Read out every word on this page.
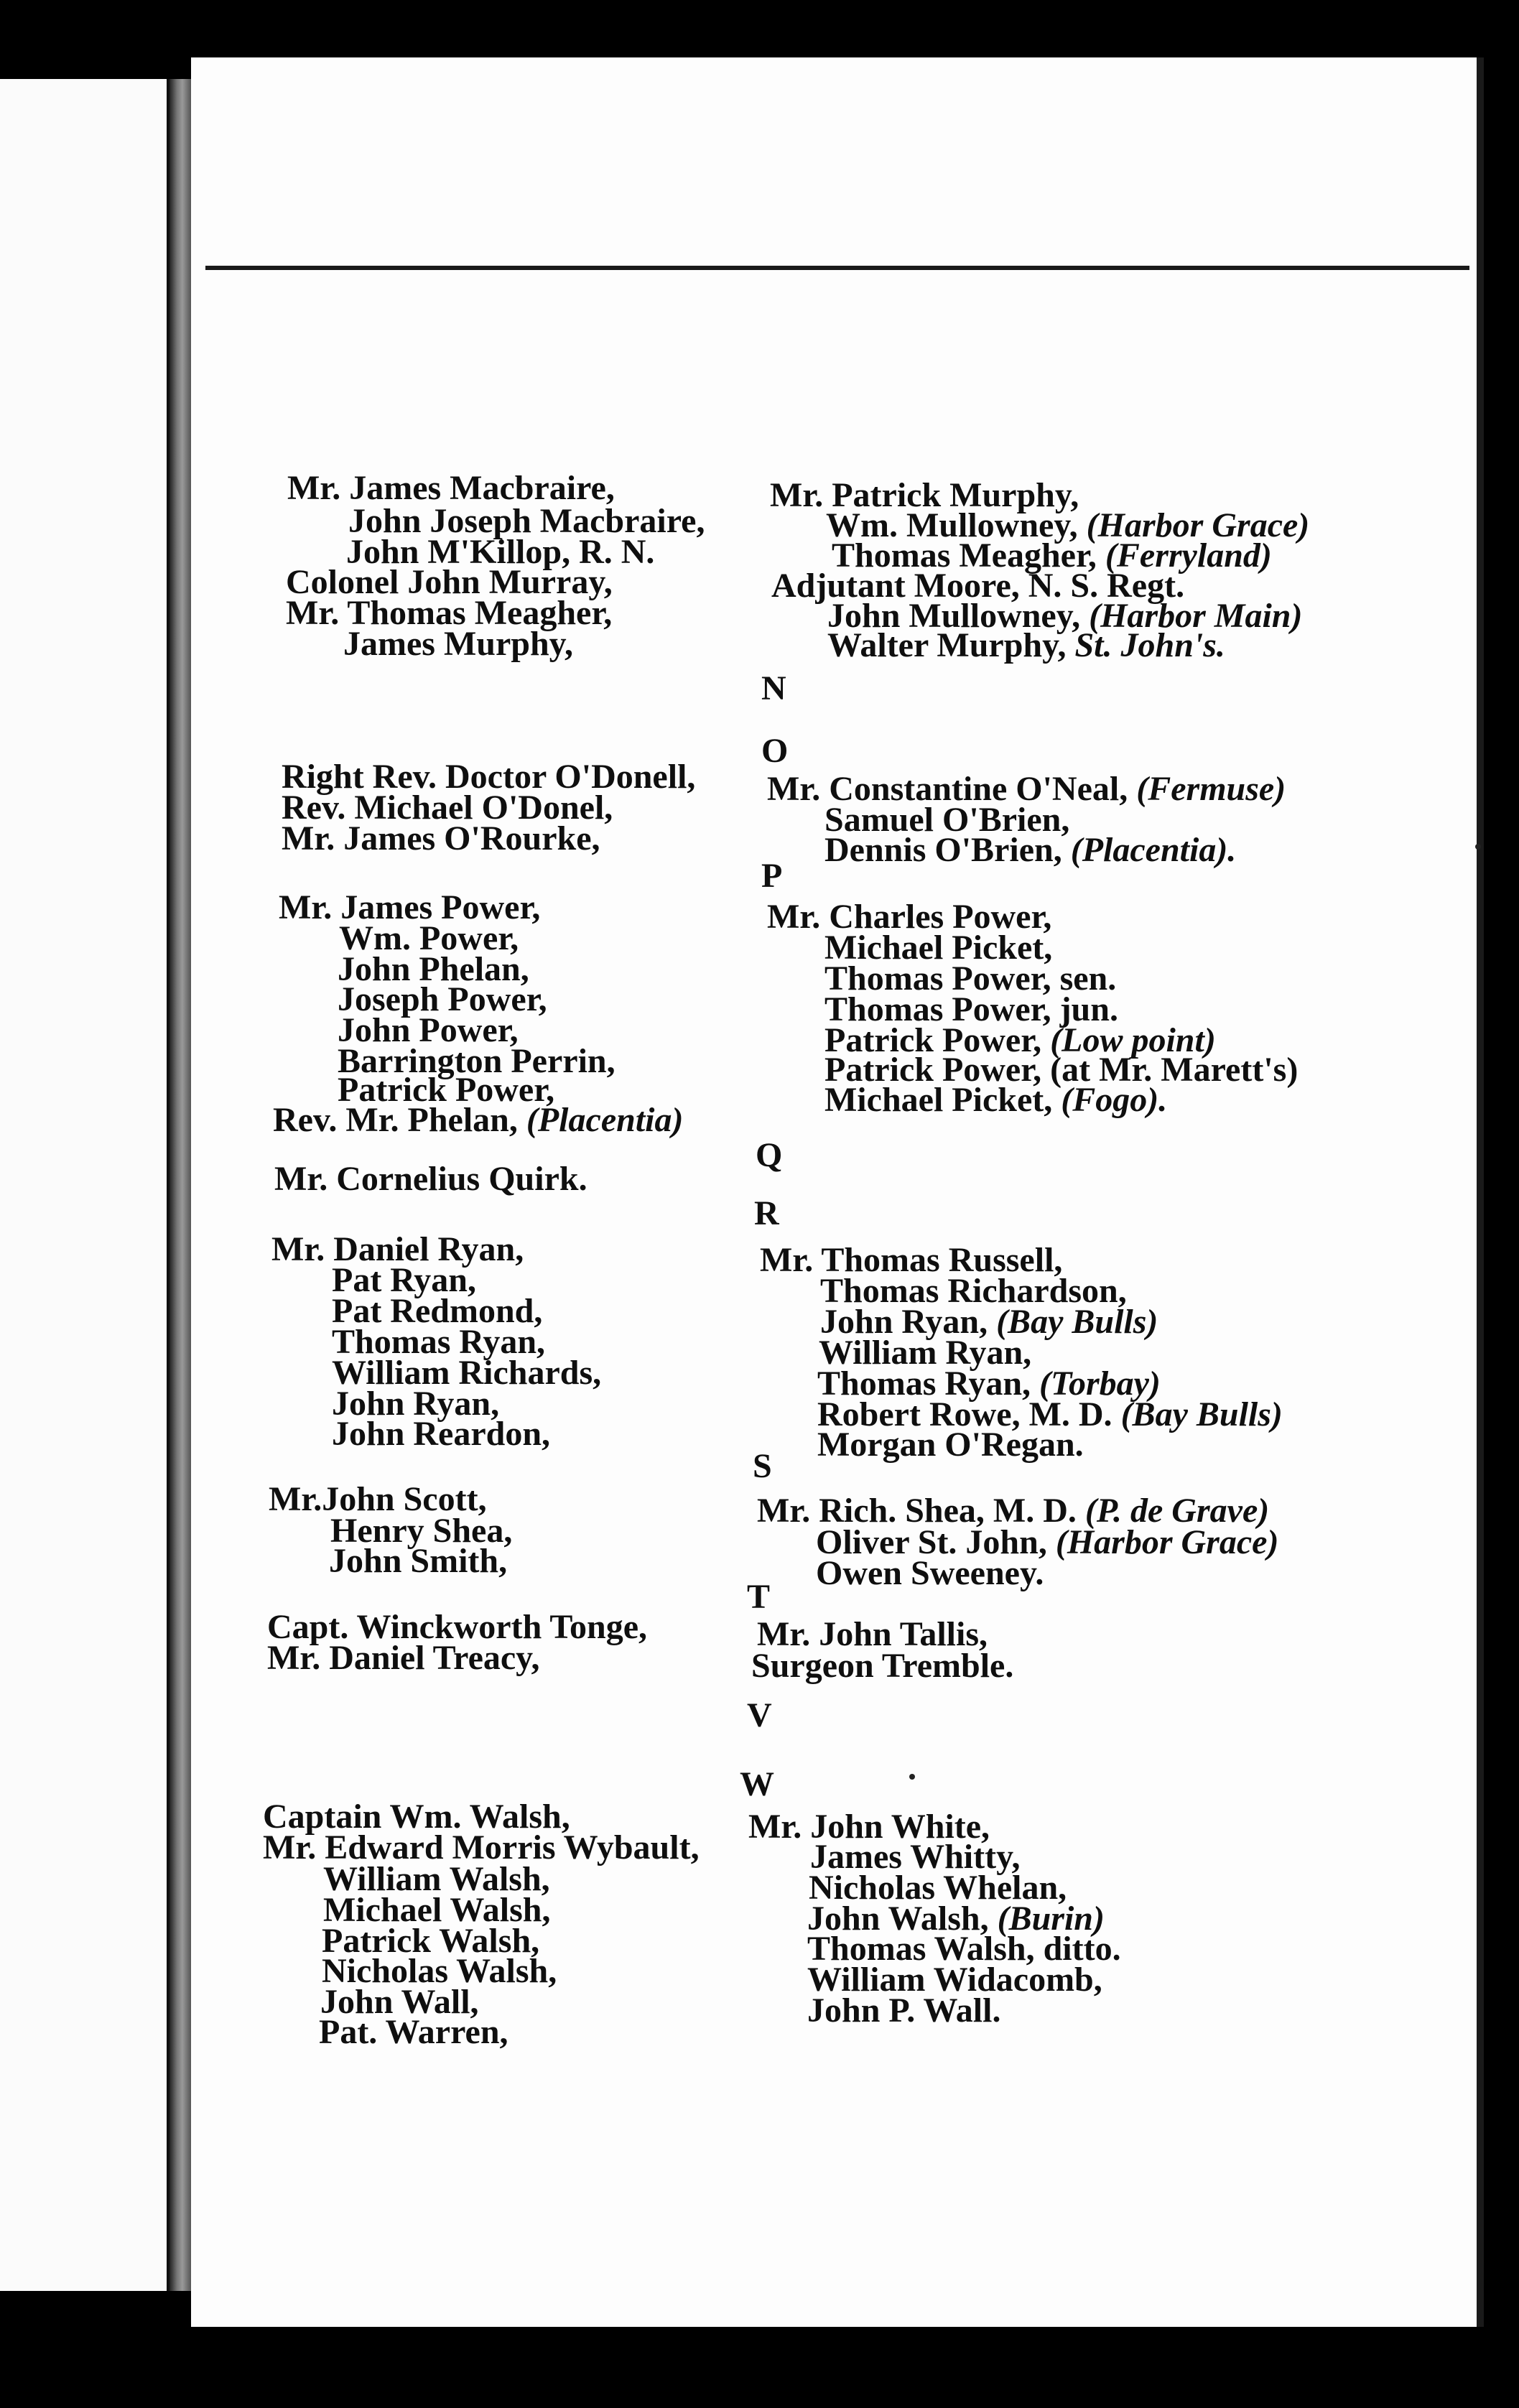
Mr. James Macbraire,
John Joseph Macbraire,
John M'Killop, R. N.
Colonel John Murray,
Mr. Thomas Meagher,
James Murphy,
Right Rev. Doctor O'Donell,
Rev. Michael O'Donel,
Mr. James O'Rourke,
Mr. James Power,
Wm. Power,
John Phelan,
Joseph Power,
John Power,
Barrington Perrin,
Patrick Power,
Rev. Mr. Phelan, (Placentia)
Mr. Cornelius Quirk.
Mr. Daniel Ryan,
Pat Ryan,
Pat Redmond,
Thomas Ryan,
William Richards,
John Ryan,
John Reardon,
Mr.John Scott,
Henry Shea,
John Smith,
Capt. Winckworth Tonge,
Mr. Daniel Treacy,
Captain Wm. Walsh,
Mr. Edward Morris Wybault,
William Walsh,
Michael Walsh,
Patrick Walsh,
Nicholas Walsh,
John Wall,
Pat. Warren,
Mr. Patrick Murphy,
Wm. Mullowney, (Harbor Grace)
Thomas Meagher, (Ferryland)
Adjutant Moore, N. S. Regt.
John Mullowney, (Harbor Main)
Walter Murphy, St. John's.
Mr. Constantine O'Neal, (Fermuse)
Samuel O'Brien,
Dennis O'Brien, (Placentia).
Mr. Charles Power,
Michael Picket,
Thomas Power, sen.
Thomas Power, jun.
Patrick Power, (Low point)
Patrick Power, (at Mr. Marett's)
Michael Picket, (Fogo).
Mr. Thomas Russell,
Thomas Richardson,
John Ryan, (Bay Bulls)
William Ryan,
Thomas Ryan, (Torbay)
Robert Rowe, M. D. (Bay Bulls)
Morgan O'Regan.
Mr. Rich. Shea, M. D. (P. de Grave)
Oliver St. John, (Harbor Grace)
Owen Sweeney.
Mr. John Tallis,
Surgeon Tremble.
Mr. John White,
James Whitty,
Nicholas Whelan,
John Walsh, (Burin)
Thomas Walsh, ditto.
William Widacomb,
John P. Wall.
N
O
P
Q
R
S
T
V
W
